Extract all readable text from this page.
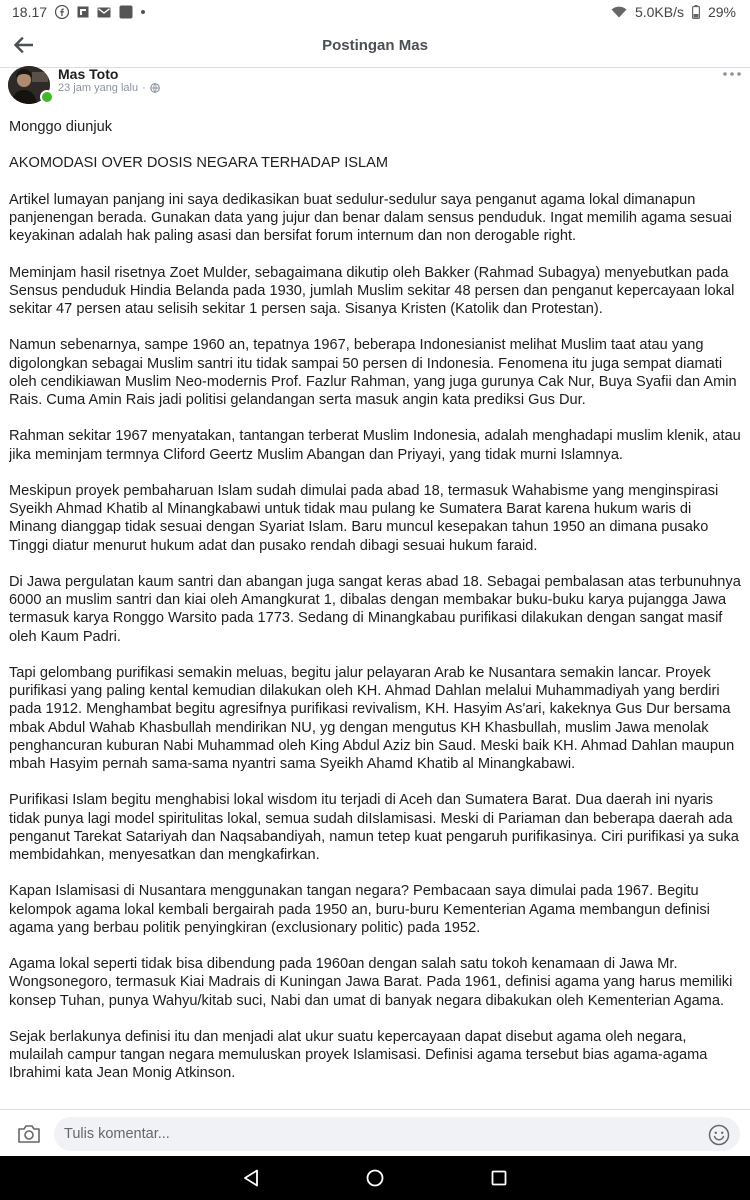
18.17	5.0KB/s 29%
Postingan Mas
Mas Toto
23 jam yang lalu ·

Monggo diunjuk

AKOMODASI OVER DOSIS NEGARA TERHADAP ISLAM

Artikel lumayan panjang ini saya dedikasikan buat sedulur-sedulur saya penganut agama lokal dimanapun panjenengan berada. Gunakan data yang jujur dan benar dalam sensus penduduk. Ingat memilih agama sesuai keyakinan adalah hak paling asasi dan bersifat forum internum dan non derogable right.

Meminjam hasil risetnya Zoet Mulder, sebagaimana dikutip oleh Bakker (Rahmad Subagya) menyebutkan pada Sensus penduduk Hindia Belanda pada 1930, jumlah Muslim sekitar 48 persen dan penganut kepercayaan lokal sekitar 47 persen atau selisih sekitar 1 persen saja. Sisanya Kristen (Katolik dan Protestan).

Namun sebenarnya, sampe 1960 an, tepatnya 1967, beberapa Indonesianist melihat Muslim taat atau yang digolongkan sebagai Muslim santri itu tidak sampai 50 persen di Indonesia. Fenomena itu juga sempat diamati oleh cendikiawan Muslim Neo-modernis Prof. Fazlur Rahman, yang juga gurunya Cak Nur, Buya Syafii dan Amin Rais. Cuma Amin Rais jadi politisi gelandangan serta masuk angin kata prediksi Gus Dur.

Rahman sekitar 1967 menyatakan, tantangan terberat Muslim Indonesia, adalah menghadapi muslim klenik, atau jika meminjam termnya Cliford Geertz Muslim Abangan dan Priyayi, yang tidak murni Islamnya.

Meskipun proyek pembaharuan Islam sudah dimulai pada abad 18, termasuk Wahabisme yang menginspirasi Syeikh Ahmad Khatib al Minangkabawi untuk tidak mau pulang ke Sumatera Barat karena hukum waris di Minang dianggap tidak sesuai dengan Syariat Islam. Baru muncul kesepakan tahun 1950 an dimana pusako Tinggi diatur menurut hukum adat dan pusako rendah dibagi sesuai hukum faraid.

Di Jawa pergulatan kaum santri dan abangan juga sangat keras abad 18. Sebagai pembalasan atas terbunuhnya 6000 an muslim santri dan kiai oleh Amangkurat 1, dibalas dengan membakar buku-buku karya pujangga Jawa termasuk karya Ronggo Warsito pada 1773. Sedang di Minangkabau purifikasi dilakukan dengan sangat masif oleh Kaum Padri.

Tapi gelombang purifikasi semakin meluas, begitu jalur pelayaran Arab ke Nusantara semakin lancar. Proyek purifikasi yang paling kental kemudian dilakukan oleh KH. Ahmad Dahlan melalui Muhammadiyah yang berdiri pada 1912. Menghambat begitu agresifnya purifikasi revivalism, KH. Hasyim As'ari, kakeknya Gus Dur bersama mbak Abdul Wahab Khasbullah mendirikan NU, yg dengan mengutus KH Khasbullah, muslim Jawa menolak penghancuran kuburan Nabi Muhammad oleh King Abdul Aziz bin Saud. Meski baik KH. Ahmad Dahlan maupun mbah Hasyim pernah sama-sama nyantri sama Syeikh Ahamd Khatib al Minangkabawi.

Purifikasi Islam begitu menghabisi lokal wisdom itu terjadi di Aceh dan Sumatera Barat. Dua daerah ini nyaris tidak punya lagi model spiritulitas lokal, semua sudah diIslamisasi. Meski di Pariaman dan beberapa daerah ada penganut Tarekat Satariyah dan Naqsabandiyah, namun tetep kuat pengaruh purifikasinya. Ciri purifikasi ya suka membidahkan, menyesatkan dan mengkafirkan.

Kapan Islamisasi di Nusantara menggunakan tangan negara? Pembacaan saya dimulai pada 1967. Begitu kelompok agama lokal kembali bergairah pada 1950 an, buru-buru Kementerian Agama membangun definisi agama yang berbau politik penyingkiran (exclusionary politic) pada 1952.

Agama lokal seperti tidak bisa dibendung pada 1960an dengan salah satu tokoh kenamaan di Jawa Mr. Wongsonegoro, termasuk Kiai Madrais di Kuningan Jawa Barat. Pada 1961, definisi agama yang harus memiliki konsep Tuhan, punya Wahyu/kitab suci, Nabi dan umat di banyak negara dibakukan oleh Kementerian Agama.

Sejak berlakunya definisi itu dan menjadi alat ukur suatu kepercayaan dapat disebut agama oleh negara, mulailah campur tangan negara memuluskan proyek Islamisasi. Definisi agama tersebut bias agama-agama Ibrahimi kata Jean Monig Atkinson.

Tulis komentar...
